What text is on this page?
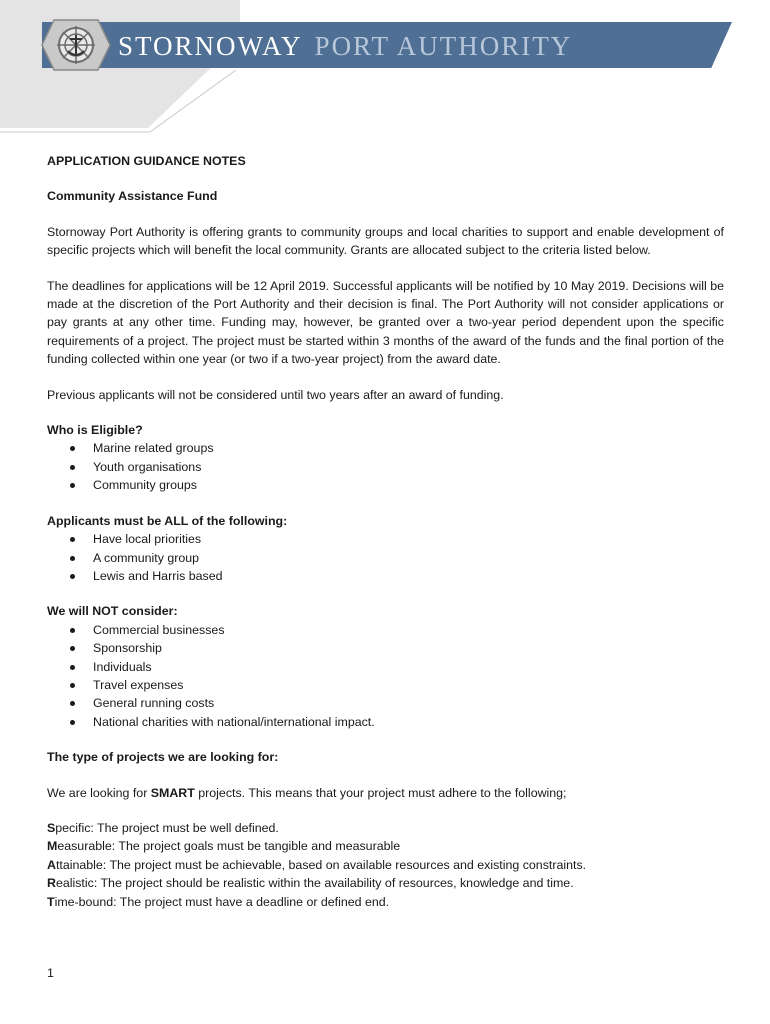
STORNOWAY PORT AUTHORITY

APPLICATION GUIDANCE NOTES

Community Assistance Fund

Stornoway Port Authority is offering grants to community groups and local charities to support and enable development of specific projects which will benefit the local community. Grants are allocated subject to the criteria listed below.

The deadlines for applications will be 12 April 2019. Successful applicants will be notified by 10 May 2019. Decisions will be made at the discretion of the Port Authority and their decision is final. The Port Authority will not consider applications or pay grants at any other time. Funding may, however, be granted over a two-year period dependent upon the specific requirements of a project. The project must be started within 3 months of the award of the funds and the final portion of the funding collected within one year (or two if a two-year project) from the award date.

Previous applicants will not be considered until two years after an award of funding.

Who is Eligible?

Marine related groups
Youth organisations
Community groups

Applicants must be ALL of the following:

Have local priorities
A community group
Lewis and Harris based

We will NOT consider:

Commercial businesses
Sponsorship
Individuals
Travel expenses
General running costs
National charities with national/international impact.

The type of projects we are looking for:

We are looking for SMART projects. This means that your project must adhere to the following;

Specific: The project must be well defined.

Measurable: The project goals must be tangible and measurable

Attainable: The project must be achievable, based on available resources and existing constraints.

Realistic: The project should be realistic within the availability of resources, knowledge and time.

Time-bound: The project must have a deadline or defined end.

1
